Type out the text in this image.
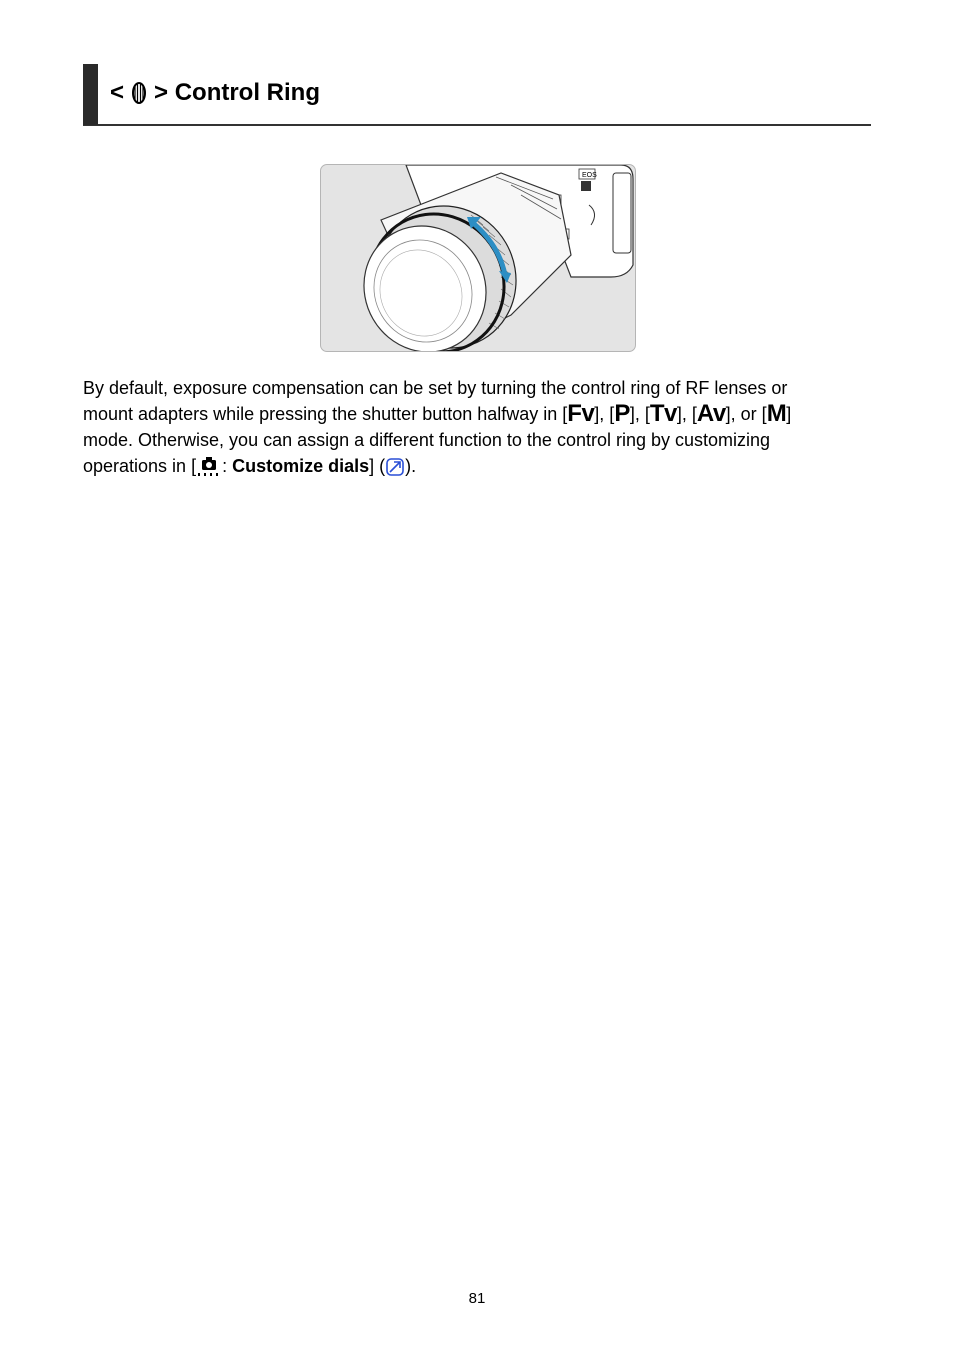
< > Control Ring
EOS
By default, exposure compensation can be set by turning the control ring of RF lenses or
mount adapters while pressing the shutter button halfway in [Fv], [P], [Tv], [Av], or [M]
mode. Otherwise, you can assign a different function to the control ring by customizing
operations in [ : Customize dials] ( ).
81
